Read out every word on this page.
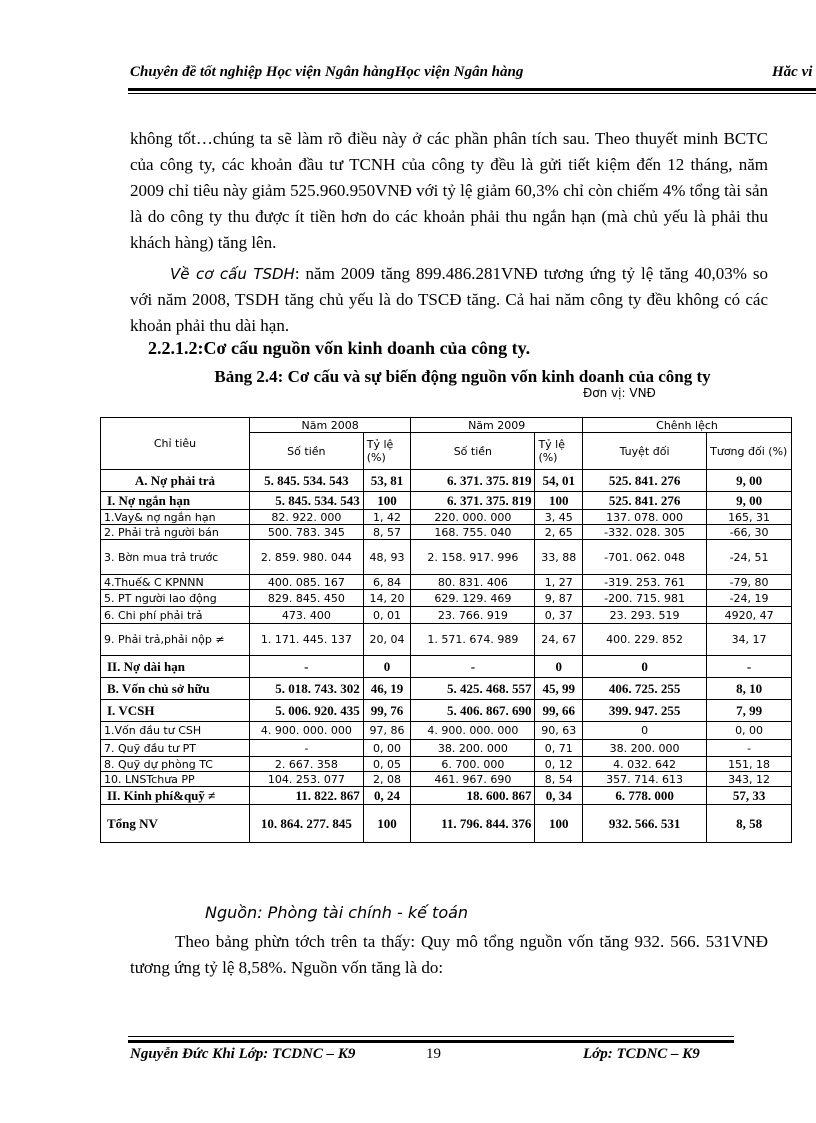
Chuyên đề tốt nghiệp Học viện Ngân hàngHọc viện Ngân hàng	Hăc vi

không tốt…chúng ta sẽ làm rõ điều này ở các phần phân tích sau. Theo thuyết minh BCTC của công ty, các khoản đầu tư TCNH của công ty đều là gửi tiết kiệm đến 12 tháng, năm 2009 chỉ tiêu này giảm 525.960.950VNĐ với tỷ lệ giảm 60,3% chỉ còn chiếm 4% tổng tài sản là do công ty thu được ít tiền hơn do các khoản phải thu ngắn hạn (mà chủ yếu là phải thu khách hàng) tăng lên.

Về cơ cấu TSDH: năm 2009 tăng 899.486.281VNĐ tương ứng tỷ lệ tăng 40,03% so với năm 2008, TSDH tăng chủ yếu là do TSCĐ tăng. Cả hai năm công ty đều không có các khoản phải thu dài hạn.

2.2.1.2:Cơ cấu nguồn vốn kinh doanh của công ty.
Bảng 2.4: Cơ cấu và sự biến động nguồn vốn kinh doanh của công ty
Đơn vị: VNĐ
Chỉ tiêu	Năm 2008		Năm 2009		Chênh lệch	
	Số tiền	Tỷ lệ (%)	Số tiền	Tỷ lệ (%)	Tuyệt đối	Tương đối (%)
A. Nợ phải trả	5. 845. 534. 543	53, 81	6. 371. 375. 819	54, 01	525. 841. 276	9, 00
I. Nợ ngắn hạn	5. 845. 534. 543	100	6. 371. 375. 819	100	525. 841. 276	9, 00
1.Vay& nợ ngắn hạn	82. 922. 000	1, 42	220. 000. 000	3, 45	137. 078. 000	165, 31
2. Phải trả người bán	500. 783. 345	8, 57	168. 755. 040	2, 65	-332. 028. 305	-66, 30
3. Bờn mua trả trước	2. 859. 980. 044	48, 93	2. 158. 917. 996	33, 88	-701. 062. 048	-24, 51
4.Thuế& C KPNNN	400. 085. 167	6, 84	80. 831. 406	1, 27	-319. 253. 761	-79, 80
5. PT người lao động	829. 845. 450	14, 20	629. 129. 469	9, 87	-200. 715. 981	-24, 19
6. Chi phí phải trả	473. 400	0, 01	23. 766. 919	0, 37	23. 293. 519	4920, 47
9. Phải trả,phải nộp ≠	1. 171. 445. 137	20, 04	1. 571. 674. 989	24, 67	400. 229. 852	34, 17
II. Nợ dài hạn	-	0	-	0	0	-
B. Vốn chủ sở hữu	5. 018. 743. 302	46, 19	5. 425. 468. 557	45, 99	406. 725. 255	8, 10
I. VCSH	5. 006. 920. 435	99, 76	5. 406. 867. 690	99, 66	399. 947. 255	7, 99
1.Vốn đầu tư CSH	4. 900. 000. 000	97, 86	4. 900. 000. 000	90, 63	0	0, 00
7. Quỹ đầu tư PT	-	0, 00	38. 200. 000	0, 71	38. 200. 000	-
8. Quỹ dự phòng TC	2. 667. 358	0, 05	6. 700. 000	0, 12	4. 032. 642	151, 18
10. LNSTchưa PP	104. 253. 077	2, 08	461. 967. 690	8, 54	357. 714. 613	343, 12
II. Kinh phí&quỹ ≠	11. 822. 867	0, 24	18. 600. 867	0, 34	6. 778. 000	57, 33
Tổng NV	10. 864. 277. 845	100	11. 796. 844. 376	100	932. 566. 531	8, 58
Nguồn: Phòng tài chính - kế toán

Theo bảng phừn tớch trên ta thấy: Quy mô tổng nguồn vốn tăng 932. 566. 531VNĐ tương ứng tỷ lệ 8,58%. Nguồn vốn tăng là do:

Nguyễn Đức Khi Lớp: TCDNC – K9	19	Lớp: TCDNC – K9
